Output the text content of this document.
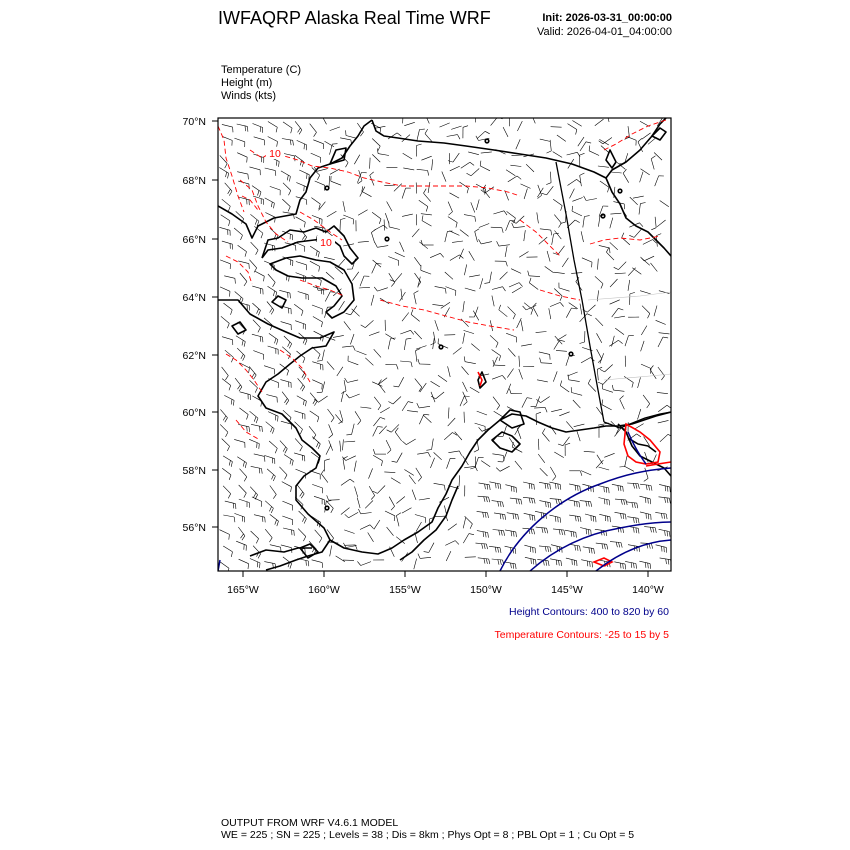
IWFAQRP Alaska Real Time WRF	Init: 2026-03-31_00:00:00
Valid: 2026-04-01_04:00:00
Temperature (C)
Height (m)
Winds (kts)
70°N
68°N
66°N
64°N
62°N
60°N
58°N
56°N
165°W	160°W	155°W	150°W	145°W	140°W
10
10
Height Contours: 400 to 820 by 60
Temperature Contours: -25 to 15 by 5
OUTPUT FROM WRF V4.6.1 MODEL
WE = 225 ; SN = 225 ; Levels = 38 ; Dis = 8km ; Phys Opt = 8 ; PBL Opt = 1 ; Cu Opt = 5
